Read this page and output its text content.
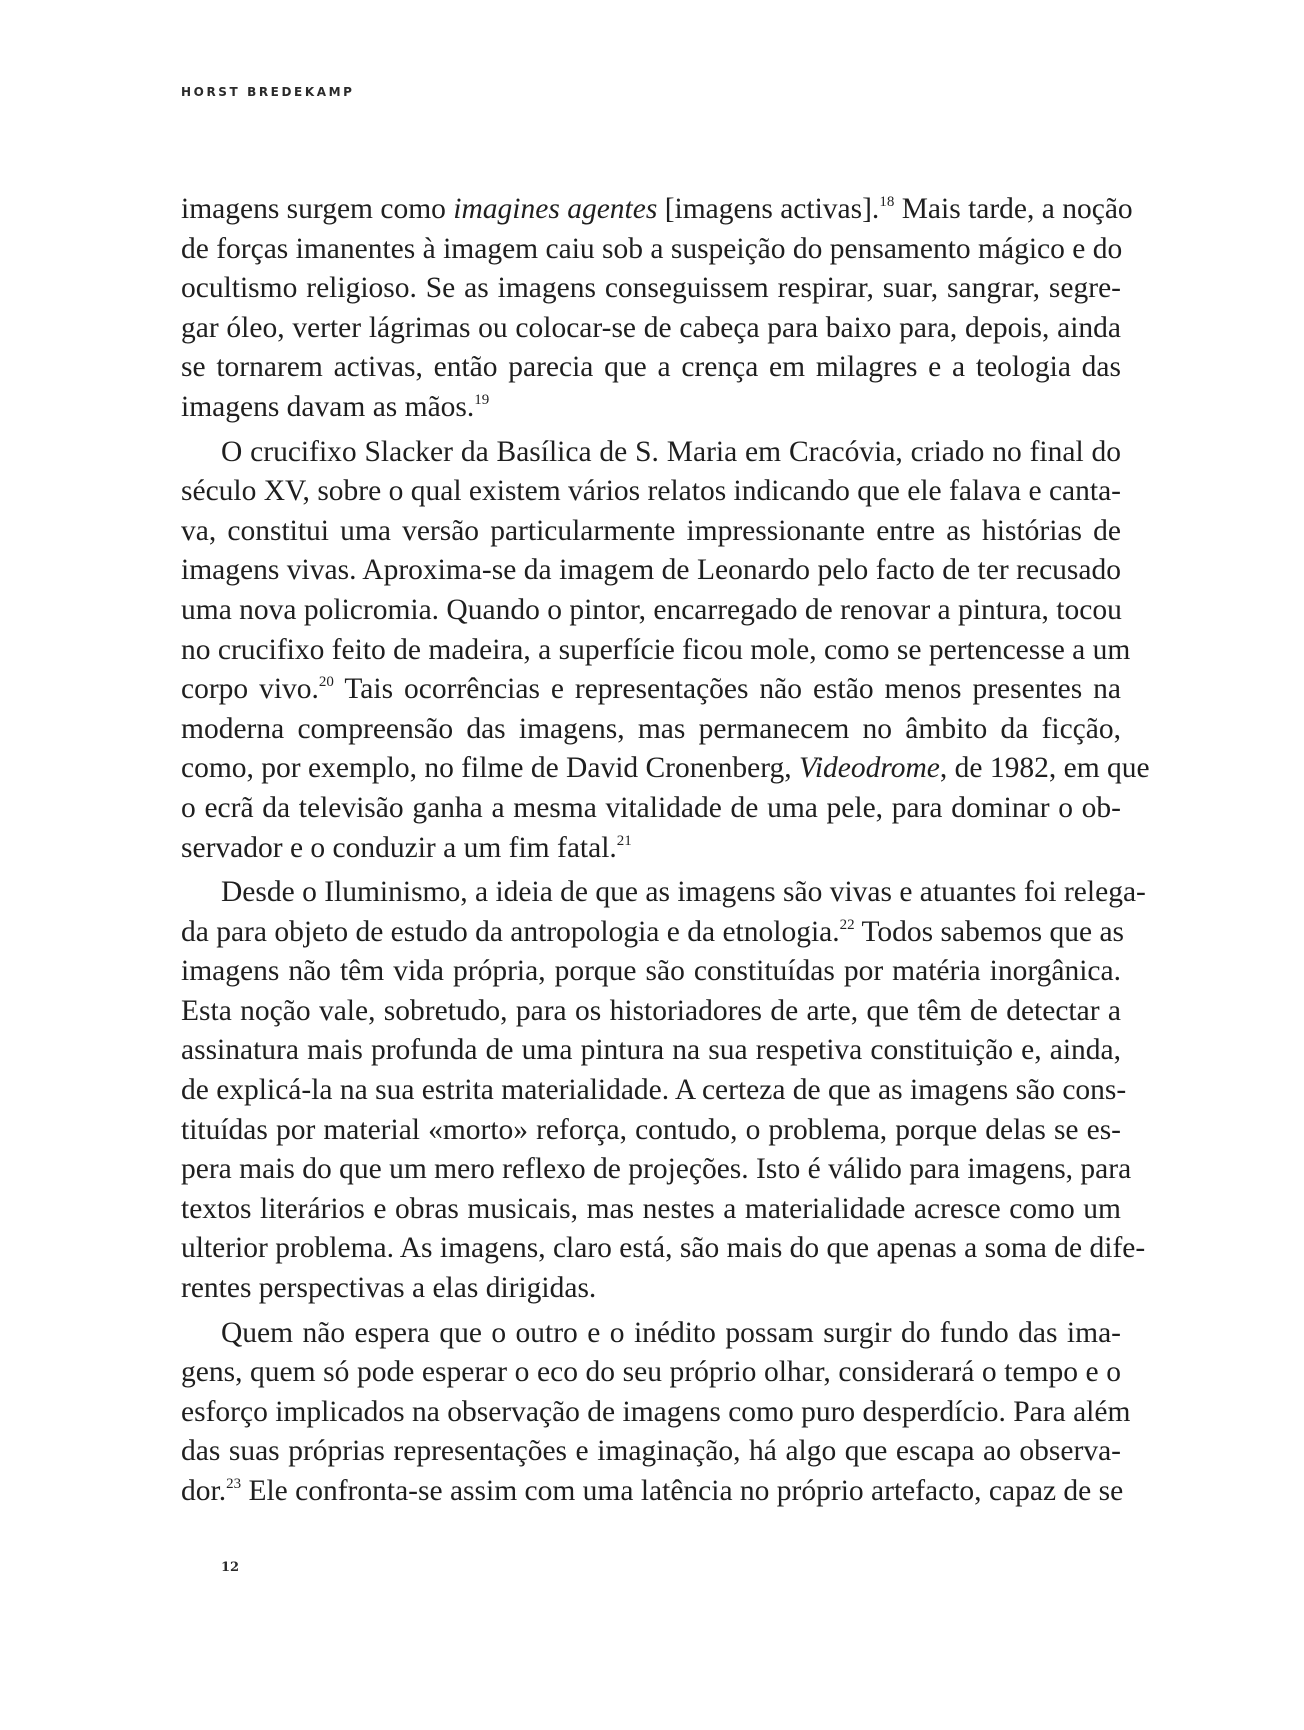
HORST BREDEKAMP
imagens surgem como imagines agentes [imagens activas].$^{18}$ Mais tarde, a noção
de forças imanentes à imagem caiu sob a suspeição do pensamento mágico e do
ocultismo religioso. Se as imagens conseguissem respirar, suar, sangrar, segre-
gar óleo, verter lágrimas ou colocar-se de cabeça para baixo para, depois, ainda
se tornarem activas, então parecia que a crença em milagres e a teologia das
imagens davam as mãos.$^{19}$
O crucifixo Slacker da Basílica de S. Maria em Cracóvia, criado no final do
século XV, sobre o qual existem vários relatos indicando que ele falava e canta-
va, constitui uma versão particularmente impressionante entre as histórias de
imagens vivas. Aproxima-se da imagem de Leonardo pelo facto de ter recusado
uma nova policromia. Quando o pintor, encarregado de renovar a pintura, tocou
no crucifixo feito de madeira, a superfície ficou mole, como se pertencesse a um
corpo vivo.$^{20}$ Tais ocorrências e representações não estão menos presentes na
moderna compreensão das imagens, mas permanecem no âmbito da ficção,
como, por exemplo, no filme de David Cronenberg, Videodrome, de 1982, em que
o ecrã da televisão ganha a mesma vitalidade de uma pele, para dominar o ob-
servador e o conduzir a um fim fatal.$^{21}$
Desde o Iluminismo, a ideia de que as imagens são vivas e atuantes foi relega-
da para objeto de estudo da antropologia e da etnologia.$^{22}$ Todos sabemos que as
imagens não têm vida própria, porque são constituídas por matéria inorgânica.
Esta noção vale, sobretudo, para os historiadores de arte, que têm de detectar a
assinatura mais profunda de uma pintura na sua respetiva constituição e, ainda,
de explicá-la na sua estrita materialidade. A certeza de que as imagens são cons-
tituídas por material «morto» reforça, contudo, o problema, porque delas se es-
pera mais do que um mero reflexo de projeções. Isto é válido para imagens, para
textos literários e obras musicais, mas nestes a materialidade acresce como um
ulterior problema. As imagens, claro está, são mais do que apenas a soma de dife-
rentes perspectivas a elas dirigidas.
Quem não espera que o outro e o inédito possam surgir do fundo das ima-
gens, quem só pode esperar o eco do seu próprio olhar, considerará o tempo e o
esforço implicados na observação de imagens como puro desperdício. Para além
das suas próprias representações e imaginação, há algo que escapa ao observa-
dor.$^{23}$ Ele confronta-se assim com uma latência no próprio artefacto, capaz de se
12
